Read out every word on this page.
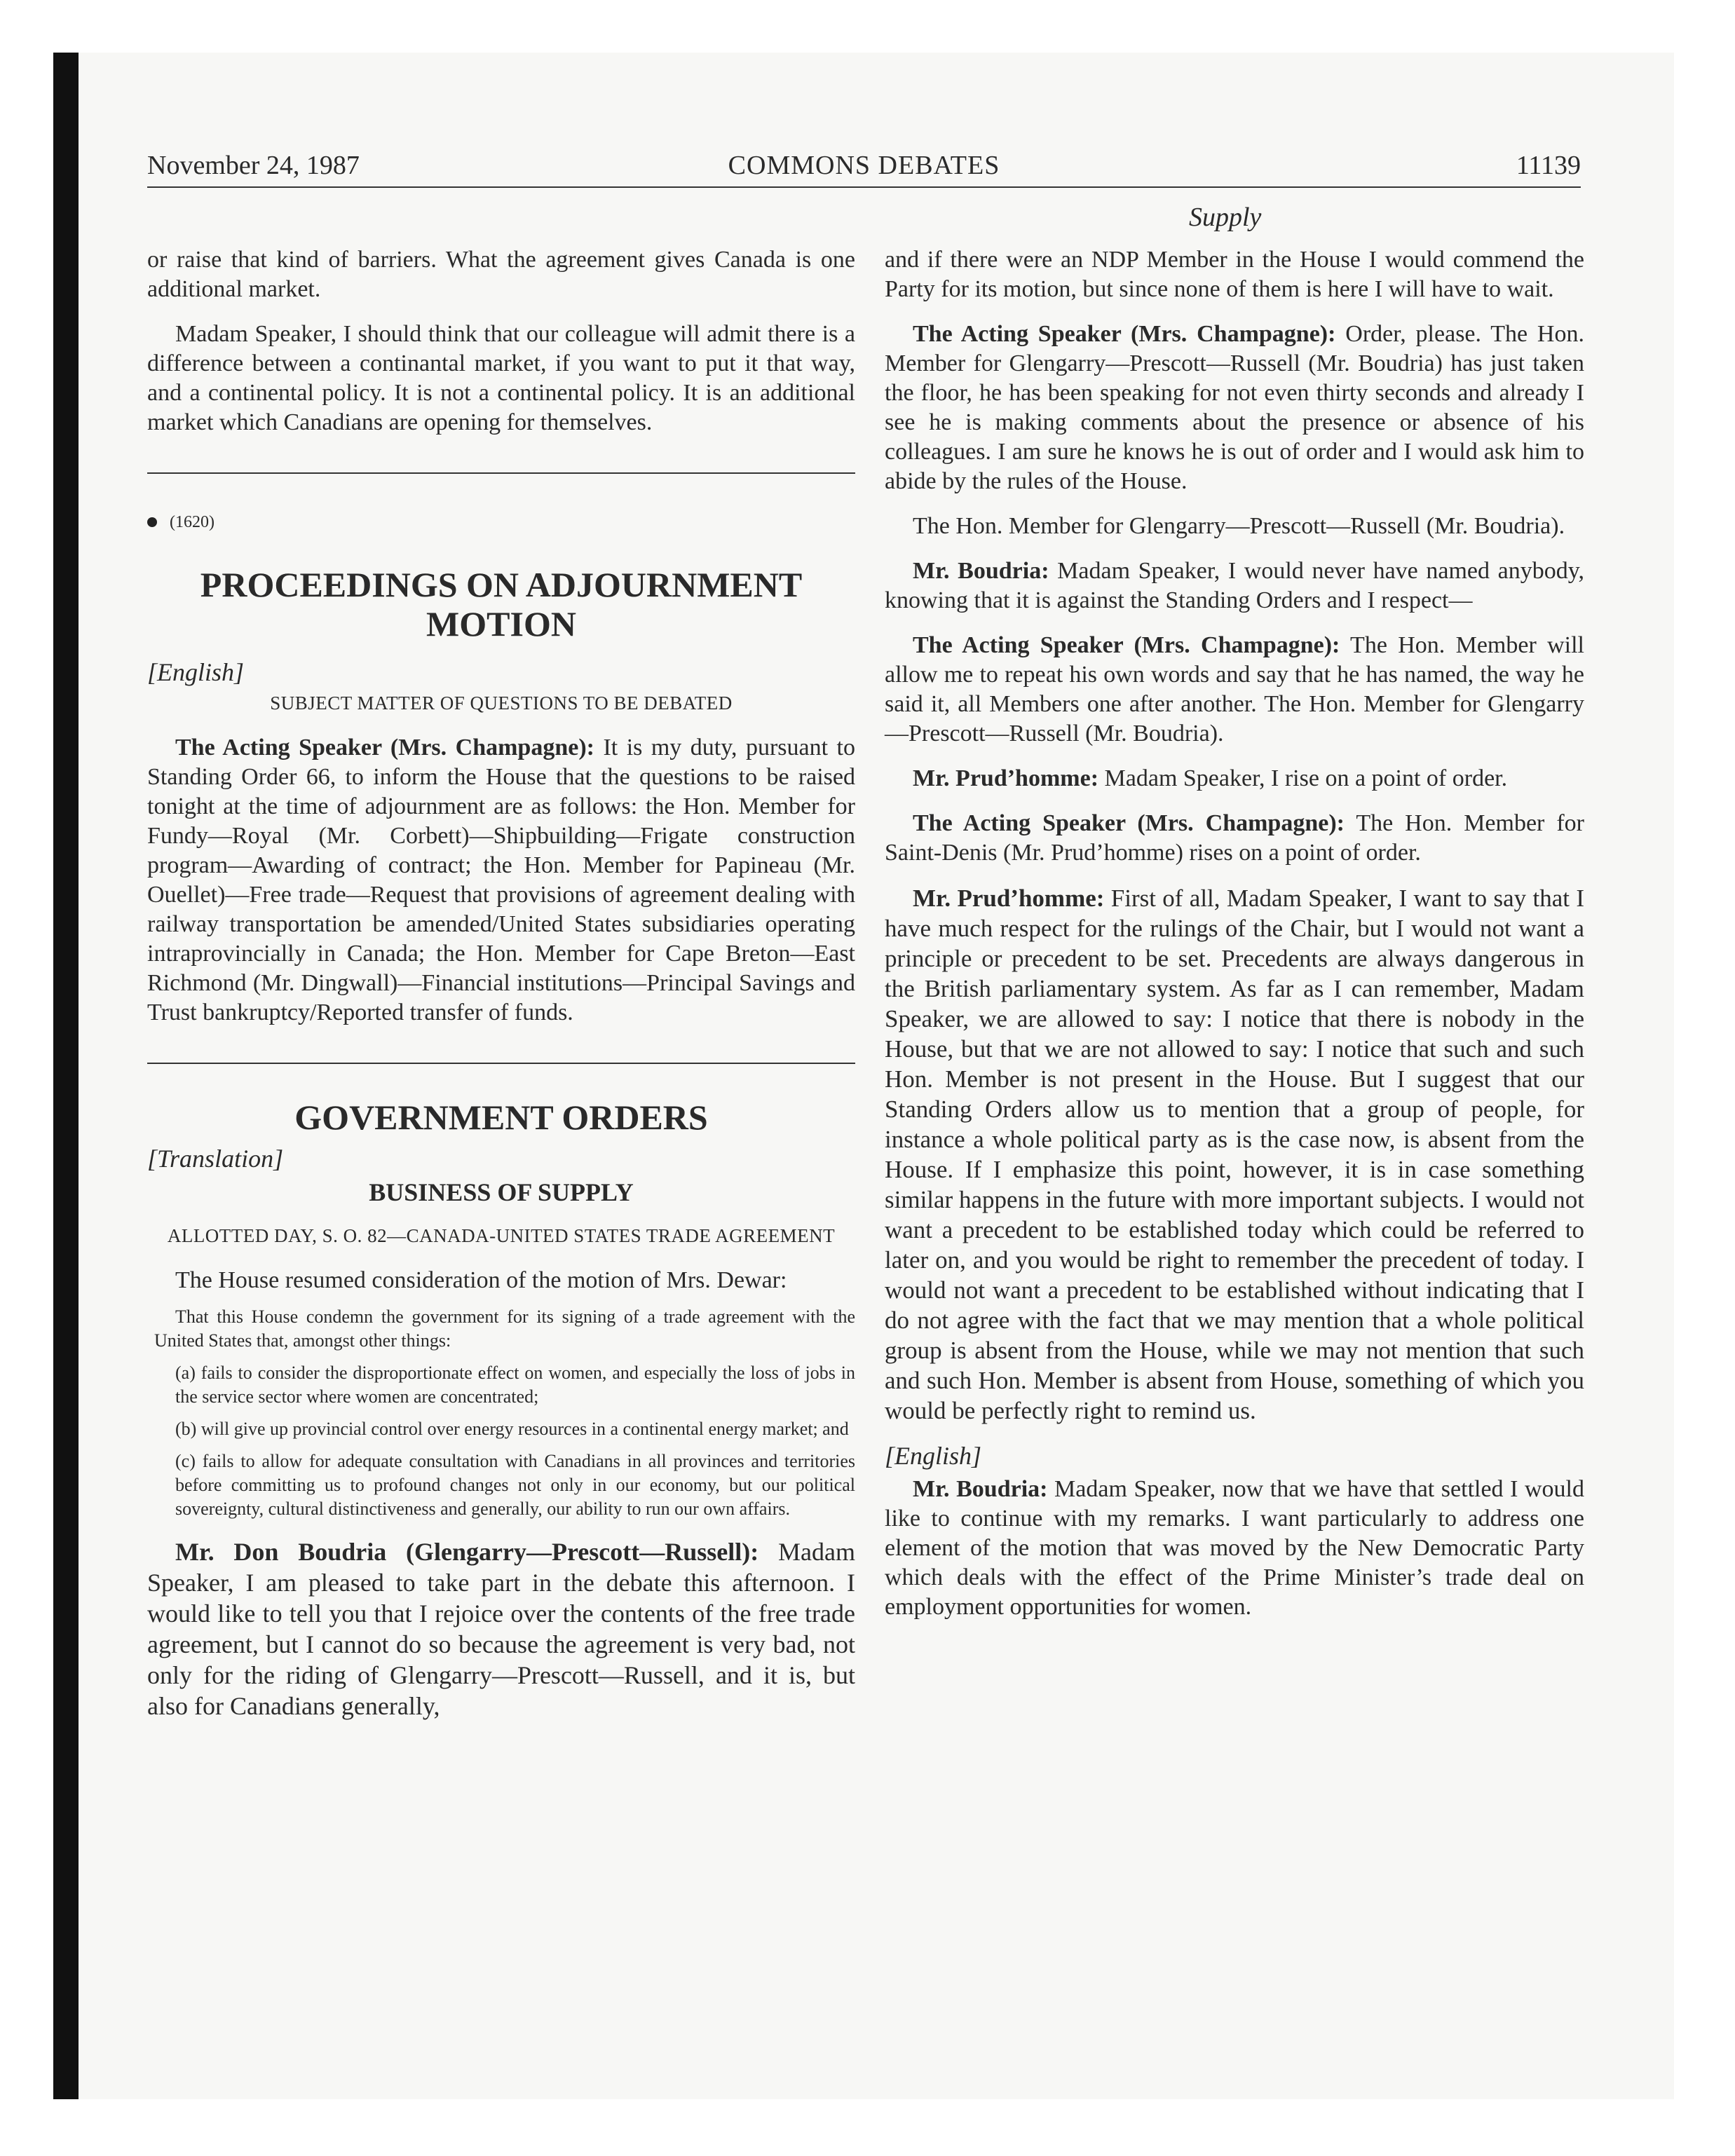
November 24, 1987	COMMONS DEBATES	11139
Supply

or raise that kind of barriers. What the agreement gives Canada is one additional market.

Madam Speaker, I should think that our colleague will admit there is a difference between a continantal market, if you want to put it that way, and a continental policy. It is not a continental policy. It is an additional market which Canadians are opening for themselves.

(1620)
PROCEEDINGS ON ADJOURNMENT MOTION
[English]
SUBJECT MATTER OF QUESTIONS TO BE DEBATED

The Acting Speaker (Mrs. Champagne): It is my duty, pursuant to Standing Order 66, to inform the House that the questions to be raised tonight at the time of adjournment are as follows: the Hon. Member for Fundy—Royal (Mr. Corbett)—Shipbuilding—Frigate construction program—Awarding of contract; the Hon. Member for Papineau (Mr. Ouellet)—Free trade—Request that provisions of agreement dealing with railway transportation be amended/United States subsidiaries operating intraprovincially in Canada; the Hon. Member for Cape Breton—East Richmond (Mr. Dingwall)—Financial institutions—Principal Savings and Trust bankruptcy/Reported transfer of funds.

GOVERNMENT ORDERS
[Translation]
BUSINESS OF SUPPLY
ALLOTTED DAY, S. O. 82—CANADA-UNITED STATES TRADE AGREEMENT

The House resumed consideration of the motion of Mrs. Dewar:

That this House condemn the government for its signing of a trade agreement with the United States that, amongst other things:
(a) fails to consider the disproportionate effect on women, and especially the loss of jobs in the service sector where women are concentrated;
(b) will give up provincial control over energy resources in a continental energy market; and
(c) fails to allow for adequate consultation with Canadians in all provinces and territories before committing us to profound changes not only in our economy, but our political sovereignty, cultural distinctiveness and generally, our ability to run our own affairs.

Mr. Don Boudria (Glengarry—Prescott—Russell): Madam Speaker, I am pleased to take part in the debate this afternoon. I would like to tell you that I rejoice over the contents of the free trade agreement, but I cannot do so because the agreement is very bad, not only for the riding of Glengarry—Prescott—Russell, and it is, but also for Canadians generally,

and if there were an NDP Member in the House I would commend the Party for its motion, but since none of them is here I will have to wait.

The Acting Speaker (Mrs. Champagne): Order, please. The Hon. Member for Glengarry—Prescott—Russell (Mr. Boudria) has just taken the floor, he has been speaking for not even thirty seconds and already I see he is making comments about the presence or absence of his colleagues. I am sure he knows he is out of order and I would ask him to abide by the rules of the House.

The Hon. Member for Glengarry—Prescott—Russell (Mr. Boudria).

Mr. Boudria: Madam Speaker, I would never have named anybody, knowing that it is against the Standing Orders and I respect—

The Acting Speaker (Mrs. Champagne): The Hon. Member will allow me to repeat his own words and say that he has named, the way he said it, all Members one after another. The Hon. Member for Glengarry—Prescott—Russell (Mr. Boudria).

Mr. Prud’homme: Madam Speaker, I rise on a point of order.

The Acting Speaker (Mrs. Champagne): The Hon. Member for Saint-Denis (Mr. Prud’homme) rises on a point of order.

Mr. Prud’homme: First of all, Madam Speaker, I want to say that I have much respect for the rulings of the Chair, but I would not want a principle or precedent to be set. Precedents are always dangerous in the British parliamentary system. As far as I can remember, Madam Speaker, we are allowed to say: I notice that there is nobody in the House, but that we are not allowed to say: I notice that such and such Hon. Member is not present in the House. But I suggest that our Standing Orders allow us to mention that a group of people, for instance a whole political party as is the case now, is absent from the House. If I emphasize this point, however, it is in case something similar happens in the future with more important subjects. I would not want a precedent to be established today which could be referred to later on, and you would be right to remember the precedent of today. I would not want a precedent to be established without indicating that I do not agree with the fact that we may mention that a whole political group is absent from the House, while we may not mention that such and such Hon. Member is absent from House, something of which you would be perfectly right to remind us.

[English]

Mr. Boudria: Madam Speaker, now that we have that settled I would like to continue with my remarks. I want particularly to address one element of the motion that was moved by the New Democratic Party which deals with the effect of the Prime Minister’s trade deal on employment opportunities for women.
